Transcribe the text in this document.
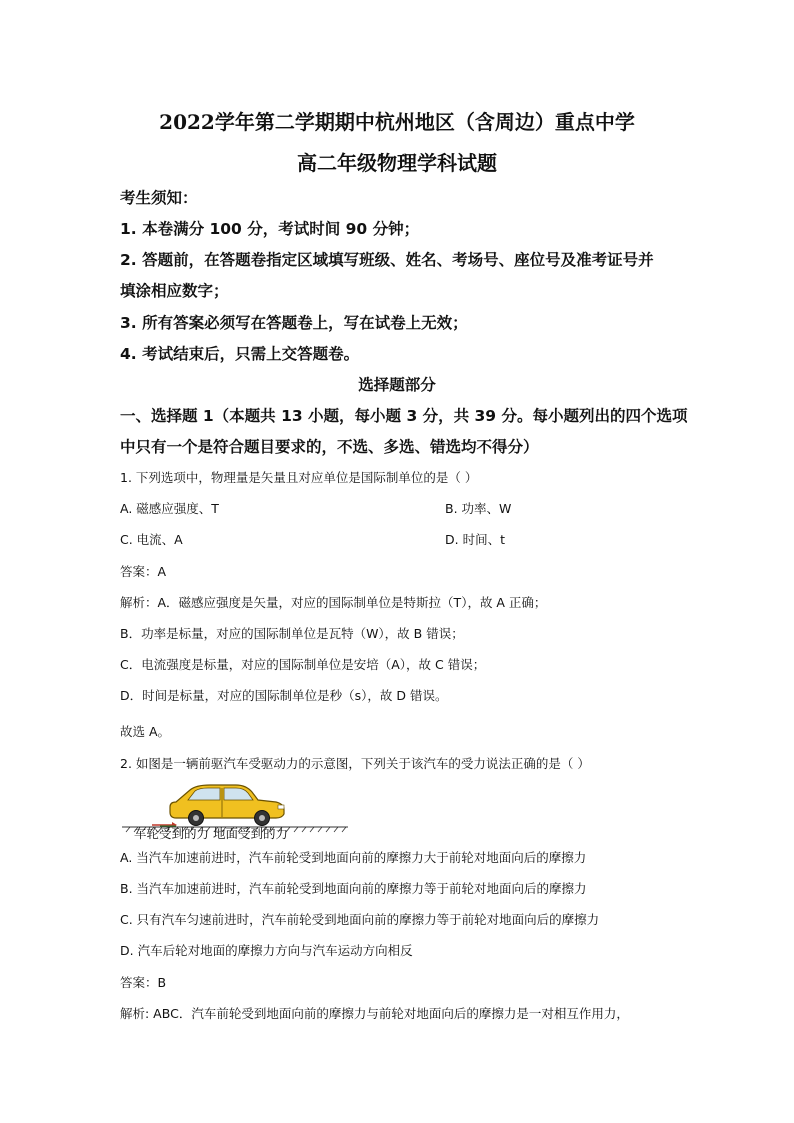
2022学年第二学期期中杭州地区（含周边）重点中学
高二年级物理学科试题
考生须知：
1. 本卷满分 100 分，考试时间 90 分钟；
2. 答题前，在答题卷指定区域填写班级、姓名、考场号、座位号及准考证号并
填涂相应数字；
3. 所有答案必须写在答题卷上，写在试卷上无效；
4. 考试结束后，只需上交答题卷。
选择题部分
一、选择题 1（本题共 13 小题，每小题 3 分，共 39 分。每小题列出的四个选项
中只有一个是符合题目要求的，不选、多选、错选均不得分）
1. 下列选项中，物理量是矢量且对应单位是国际制单位的是（ ）
A. 磁感应强度、T	B. 功率、W
C. 电流、A	D. 时间、t
答案：A
解析：A．磁感应强度是矢量，对应的国际制单位是特斯拉（T），故 A 正确；
B．功率是标量，对应的国际制单位是瓦特（W），故 B 错误；
C．电流强度是标量，对应的国际制单位是安培（A），故 C 错误；
D．时间是标量，对应的国际制单位是秒（s），故 D 错误。
故选 A。
2. 如图是一辆前驱汽车受驱动力的示意图，下列关于该汽车的受力说法正确的是（ ）
车轮受到的力 地面受到的力
A. 当汽车加速前进时，汽车前轮受到地面向前的摩擦力大于前轮对地面向后的摩擦力
B. 当汽车加速前进时，汽车前轮受到地面向前的摩擦力等于前轮对地面向后的摩擦力
C. 只有汽车匀速前进时，汽车前轮受到地面向前的摩擦力等于前轮对地面向后的摩擦力
D. 汽车后轮对地面的摩擦力方向与汽车运动方向相反
答案：B
解析: ABC．汽车前轮受到地面向前的摩擦力与前轮对地面向后的摩擦力是一对相互作用力，
